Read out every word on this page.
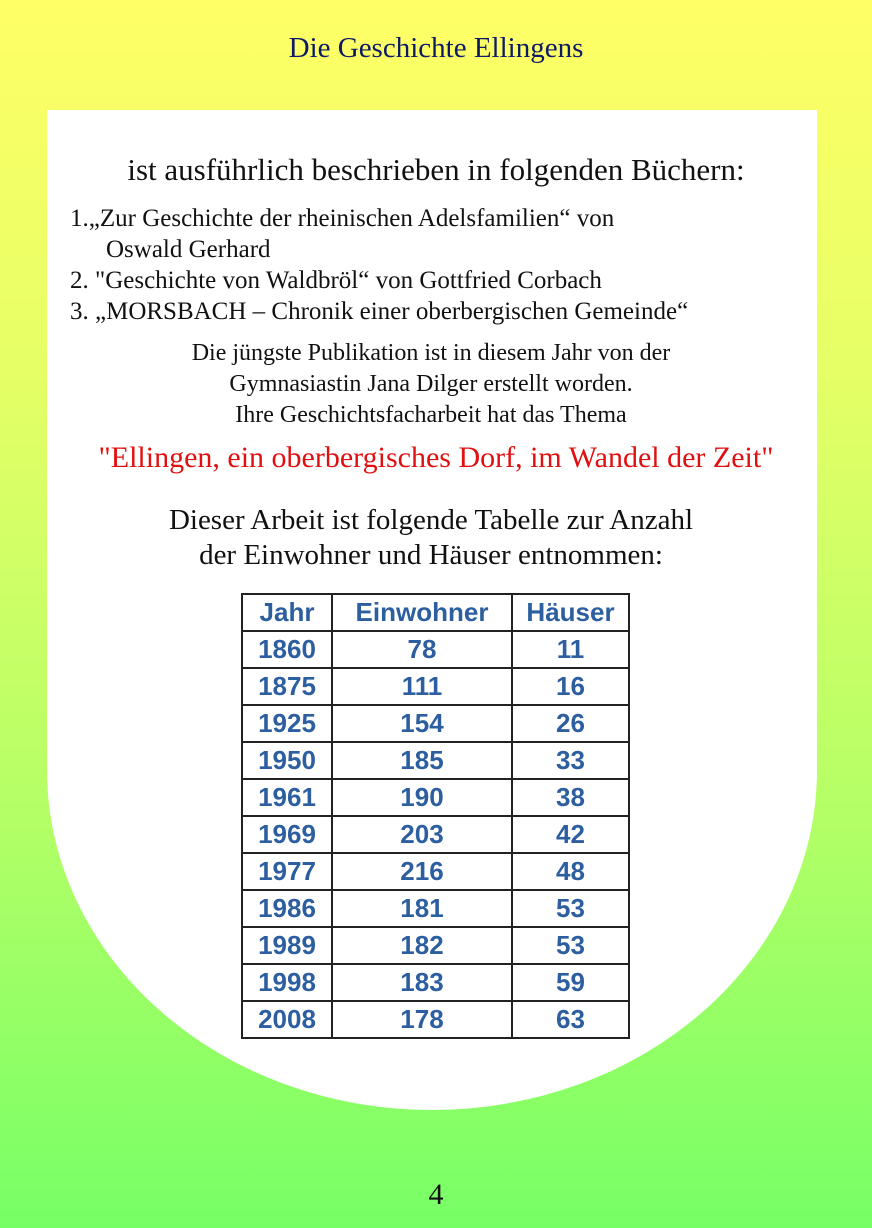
Die Geschichte Ellingens
ist ausführlich beschrieben in folgenden Büchern:
1.„Zur Geschichte der rheinischen Adelsfamilien“ von
Oswald Gerhard
2. "Geschichte von Waldbröl“ von Gottfried Corbach
3. „MORSBACH – Chronik einer oberbergischen Gemeinde“
Die jüngste Publikation ist in diesem Jahr von der
Gymnasiastin Jana Dilger erstellt worden.
Ihre Geschichtsfacharbeit hat das Thema
"Ellingen, ein oberbergisches Dorf, im Wandel der Zeit"
Dieser Arbeit ist folgende Tabelle zur Anzahl
der Einwohner und Häuser entnommen:
Jahr	Einwohner	Häuser
1860	78	11
1875	111	16
1925	154	26
1950	185	33
1961	190	38
1969	203	42
1977	216	48
1986	181	53
1989	182	53
1998	183	59
2008	178	63
4
